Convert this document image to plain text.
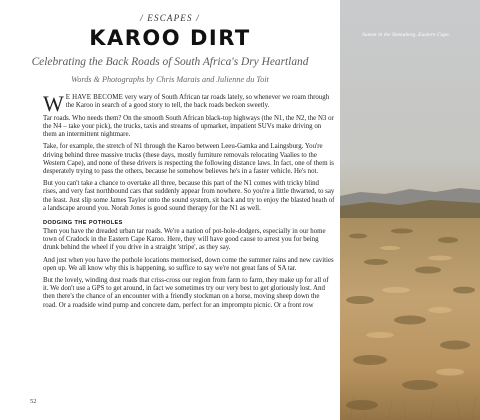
/ ESCAPES /
KAROO DIRT
Celebrating the Back Roads of South Africa's Dry Heartland
Words & Photographs by Chris Marais and Julienne du Toit

WE HAVE BECOME very wary of South African tar roads lately, so whenever we roam through the Karoo in search of a good story to tell, the back roads beckon sweetly.

Tar roads. Who needs them? On the smooth South African black-top highways (the N1, the N2, the N3 or the N4 – take your pick), the trucks, taxis and streams of upmarket, impatient SUVs make driving on them an intermittent nightmare.

Take, for example, the stretch of N1 through the Karoo between Leeu-Gamka and Laingsburg. You're driving behind three massive trucks (these days, mostly furniture removals relocating Vaalies to the Western Cape), and none of these drivers is respecting the following distance laws. In fact, one of them is desperately trying to pass the others, because he somehow believes he's in a faster vehicle. He's not.

But you can't take a chance to overtake all three, because this part of the N1 comes with tricky blind rises, and very fast northbound cars that suddenly appear from nowhere. So you're a little thwarted, to say the least. Just slip some James Taylor onto the sound system, sit back and try to enjoy the blasted heath of a landscape around you. Norah Jones is good sound therapy for the N1 as well.

DODGING THE POTHOLES

Then you have the dreaded urban tar roads. We're a nation of pot-hole-dodgers, especially in our home town of Cradock in the Eastern Cape Karoo. Here, they will have good cause to arrest you for being drunk behind the wheel if you drive in a straight 'stripe', as they say.

And just when you have the pothole locations memorised, down come the summer rains and new cavities open up. We all know why this is happening, so suffice to say we're not great fans of SA tar.

But the lovely, winding dust roads that criss-cross our region from farm to farm, they make up for all of it. We don't use a GPS to get around, in fact we sometimes try our very best to get gloriously lost. And then there's the chance of an encounter with a friendly stockman on a horse, moving sheep down the road. Or a roadside wind pump and concrete dam, perfect for an impromptu picnic. Or a front row

52
Sunset in the Sneeuberg, Eastern Cape.
